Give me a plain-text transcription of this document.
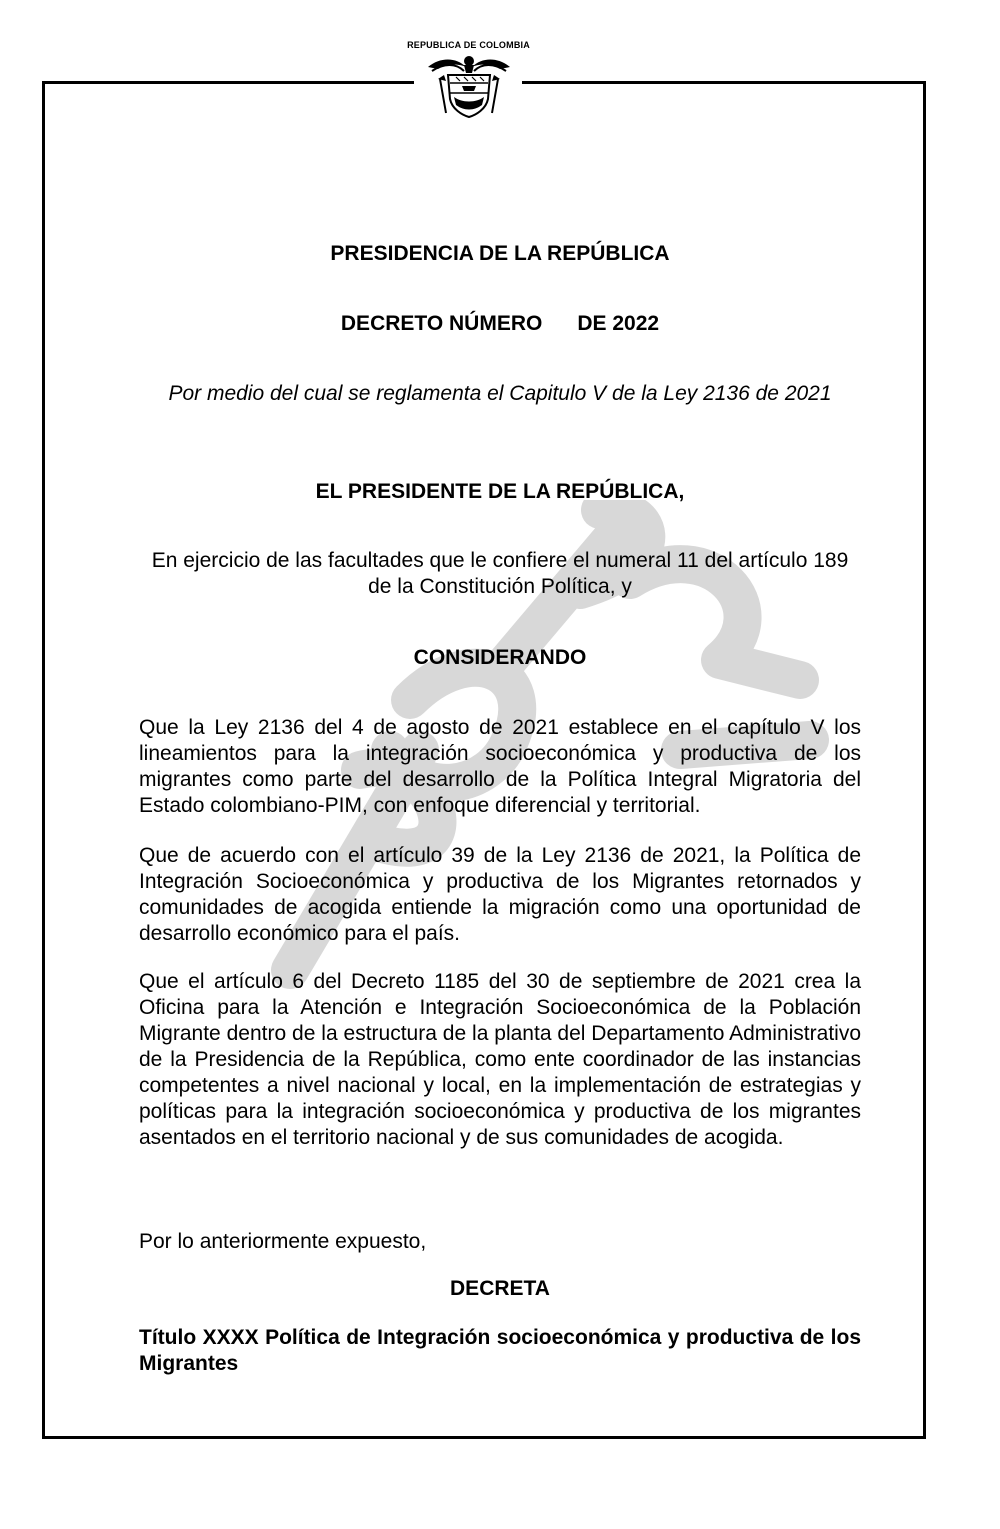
REPUBLICA DE COLOMBIA
PRESIDENCIA DE LA REPÚBLICA
DECRETO NÚMERO      DE 2022
Por medio del cual se reglamenta el Capitulo V de la Ley 2136 de 2021
EL PRESIDENTE DE LA REPÚBLICA,
En ejercicio de las facultades que le confiere el numeral 11 del artículo 189 de la Constitución Política, y
CONSIDERANDO
Que la Ley 2136 del 4 de agosto de 2021 establece en el capítulo V los lineamientos para la integración socioeconómica y productiva de los migrantes como parte del desarrollo de la Política Integral Migratoria del Estado colombiano-PIM, con enfoque diferencial y territorial.
Que de acuerdo con el artículo 39 de la Ley 2136 de 2021, la Política de Integración Socioeconómica y productiva de los Migrantes retornados y comunidades de acogida entiende la migración como una oportunidad de desarrollo económico para el país.
Que el artículo 6 del Decreto 1185 del 30 de septiembre de 2021 crea la Oficina para la Atención e Integración Socioeconómica de la Población Migrante dentro de la estructura de la planta del Departamento Administrativo de la Presidencia de la República, como ente coordinador de las instancias competentes a nivel nacional y local, en la implementación de estrategias y políticas para la integración socioeconómica y productiva de los migrantes asentados en el territorio nacional y de sus comunidades de acogida.
Por lo anteriormente expuesto,
DECRETA
Título XXXX Política de Integración socioeconómica y productiva de los Migrantes
